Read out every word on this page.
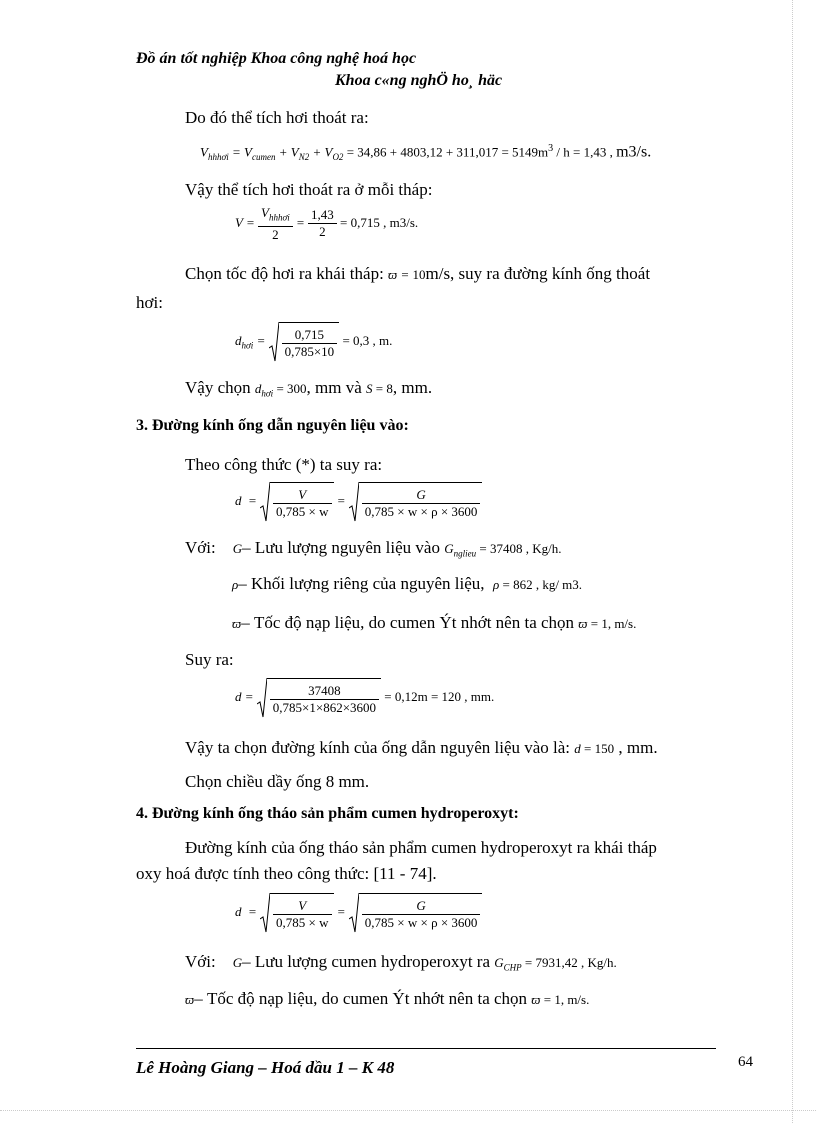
Đồ án tốt nghiệp Khoa công nghệ hoá học
Khoa c«ng nghÖ ho¸ häc
Do đó thể tích hơi thoát ra:
$V_{hhhơi} = V_{cumen} + V_{N2} + V_{O2} = 34,86 + 4803,12 + 311,017 = 5149m^3 / h = 1,43$ , m3/s.
Vậy thể tích hơi thoát ra ở mỗi tháp:
$V = \frac{V_{hhhơi}}{2} = \frac{1,43}{2} = 0,715$ , m3/s.
Chọn tốc độ hơi ra khái tháp: ϖ = 10m/s, suy ra đường kính ống thoát
hơi:
$d_{hơi} = \frac{0,715}{0,785\times 10} = 0,3$ , m.
Vậy chọn $d_{hơi} = 300$, mm và S = 8, mm.
3. Đường kính ống dẫn nguyên liệu vào:
Theo công thức (*) ta suy ra:
$d = \frac{V}{0,785 \times w} = \frac{G}{0,785 \times w \times \rho \times 3600}$
Với: G– Lưu lượng nguyên liệu vào $G_{nglieu} = 37408$ , Kg/h.
ρ– Khối lượng riêng của nguyên liệu, ρ = 862 , kg/ m3.
ϖ– Tốc độ nạp liệu, do cumen Ýt nhớt nên ta chọn ϖ = 1, m/s.
Suy ra:
$d = \frac{37408}{0,785\times 1\times 862\times 3600} = 0,12m = 120$ , mm.
Vậy ta chọn đường kính của ống dẫn nguyên liệu vào là: d = 150 , mm.
Chọn chiều dầy ống 8 mm.
4. Đường kính ống tháo sản phẩm cumen hydroperoxyt:
Đường kính của ống tháo sản phẩm cumen hydroperoxyt ra khái tháp
oxy hoá được tính theo công thức: [11 - 74].
$d = \frac{V}{0,785 \times w} = \frac{G}{0,785 \times w \times \rho \times 3600}$
Với: G– Lưu lượng cumen hydroperoxyt ra $G_{CHP} = 7931,42$ , Kg/h.
ϖ– Tốc độ nạp liệu, do cumen Ýt nhớt nên ta chọn ϖ = 1, m/s.
Lê Hoàng Giang – Hoá dầu 1 – K 48	64
